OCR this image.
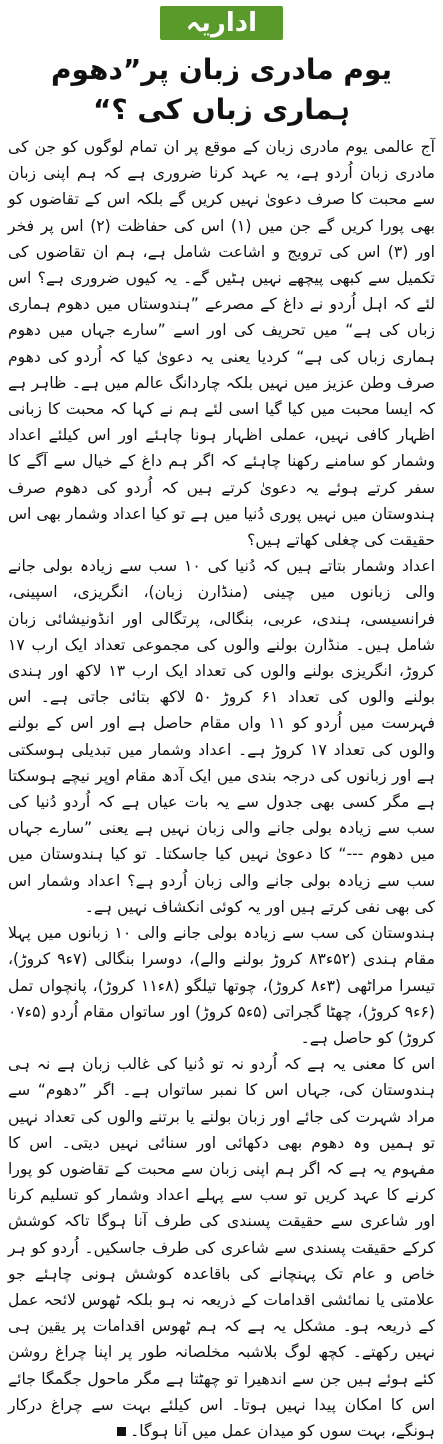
اداریہ
یوم مادری زبان پر”دھوم ہماری زباں کی ؟“

آج عالمی یوم مادری زبان کے موقع پر ان تمام لوگوں کو جن کی مادری زبان اُردو ہے، یہ عہد کرنا ضروری ہے کہ ہم اپنی زبان سے محبت کا صرف دعویٰ نہیں کریں گے بلکہ اس کے تقاضوں کو بھی پورا کریں گے جن میں (۱) اس کی حفاظت (۲) اس پر فخر اور (۳) اس کی ترویج و اشاعت شامل ہے، ہم ان تقاضوں کی تکمیل سے کبھی پیچھے نہیں ہٹیں گے۔ یہ کیوں ضروری ہے؟ اس لئے کہ اہل اُردو نے داغ کے مصرعے ”ہندوستاں میں دھوم ہماری زباں کی ہے“ میں تحریف کی اور اسے ”سارے جہاں میں دھوم ہماری زباں کی ہے“ کردیا یعنی یہ دعویٰ کیا کہ اُردو کی دھوم صرف وطن عزیز میں نہیں بلکہ چاردانگ عالم میں ہے۔ ظاہر ہے کہ ایسا محبت میں کیا گیا اسی لئے ہم نے کہا کہ محبت کا زبانی اظہار کافی نہیں، عملی اظہار ہونا چاہئے اور اس کیلئے اعداد وشمار کو سامنے رکھنا چاہئے کہ اگر ہم داغ کے خیال سے آگے کا سفر کرتے ہوئے یہ دعویٰ کرتے ہیں کہ اُردو کی دھوم صرف ہندوستان میں نہیں پوری دُنیا میں ہے تو کیا اعداد وشمار بھی اس حقیقت کی چغلی کھاتے ہیں؟

اعداد وشمار بتاتے ہیں کہ دُنیا کی ۱۰ سب سے زیادہ بولی جانے والی زبانوں میں چینی (منڈارن زبان)، انگریزی، اسپینی، فرانسیسی، ہندی، عربی، بنگالی، پرتگالی اور انڈونیشائی زبان شامل ہیں۔ منڈارن بولنے والوں کی مجموعی تعداد ایک ارب ۱۷ کروڑ، انگریزی بولنے والوں کی تعداد ایک ارب ۱۳ لاکھ اور ہندی بولنے والوں کی تعداد ۶۱ کروڑ ۵۰ لاکھ بتائی جاتی ہے۔ اس فہرست میں اُردو کو ۱۱ واں مقام حاصل ہے اور اس کے بولنے والوں کی تعداد ۱۷ کروڑ ہے۔ اعداد وشمار میں تبدیلی ہوسکتی ہے اور زبانوں کی درجہ بندی میں ایک آدھ مقام اوپر نیچے ہوسکتا ہے مگر کسی بھی جدول سے یہ بات عیاں ہے کہ اُردو دُنیا کی سب سے زیادہ بولی جانے والی زبان نہیں ہے یعنی ”سارے جہاں میں دھوم ---“ کا دعویٰ نہیں کیا جاسکتا۔ تو کیا ہندوستان میں سب سے زیادہ بولی جانے والی زبان اُردو ہے؟ اعداد وشمار اس کی بھی نفی کرتے ہیں اور یہ کوئی انکشاف نہیں ہے۔

ہندوستان کی سب سے زیادہ بولی جانے والی ۱۰ زبانوں میں پہلا مقام ہندی (۵۲ء۸۳ کروڑ بولنے والے)، دوسرا بنگالی (۷ء۹ کروڑ)، تیسرا مراٹھی (۳ء۸ کروڑ)، چوتھا تیلگو (۸ء۱۱ کروڑ)، پانچواں تمل (۶ء۹ کروڑ)، چھٹا گجراتی (۵ء۵ کروڑ) اور ساتواں مقام اُردو (۵ء۰۷ کروڑ) کو حاصل ہے۔

اس کا معنی یہ ہے کہ اُردو نہ تو دُنیا کی غالب زبان ہے نہ ہی ہندوستان کی، جہاں اس کا نمبر ساتواں ہے۔ اگر ”دھوم“ سے مراد شہرت کی جائے اور زبان بولنے یا برتنے والوں کی تعداد نہیں تو ہمیں وہ دھوم بھی دکھائی اور سنائی نہیں دیتی۔ اس کا مفہوم یہ ہے کہ اگر ہم اپنی زبان سے محبت کے تقاضوں کو پورا کرنے کا عہد کریں تو سب سے پہلے اعداد وشمار کو تسلیم کرنا اور شاعری سے حقیقت پسندی کی طرف آنا ہوگا تاکہ کوشش کرکے حقیقت پسندی سے شاعری کی طرف جاسکیں۔ اُردو کو ہر خاص و عام تک پہنچانے کی باقاعدہ کوشش ہونی چاہئے جو علامتی یا نمائشی اقدامات کے ذریعہ نہ ہو بلکہ ٹھوس لائحہ عمل کے ذریعہ ہو۔ مشکل یہ ہے کہ ہم ٹھوس اقدامات پر یقین ہی نہیں رکھتے۔ کچھ لوگ بلاشبہ مخلصانہ طور پر اپنا چراغ روشن کئے ہوئے ہیں جن سے اندھیرا تو چھٹتا ہے مگر ماحول جگمگا جائے اس کا امکان پیدا نہیں ہوتا۔ اس کیلئے بہت سے چراغ درکار ہونگے، بہت سوں کو میدان عمل میں آنا ہوگا۔
